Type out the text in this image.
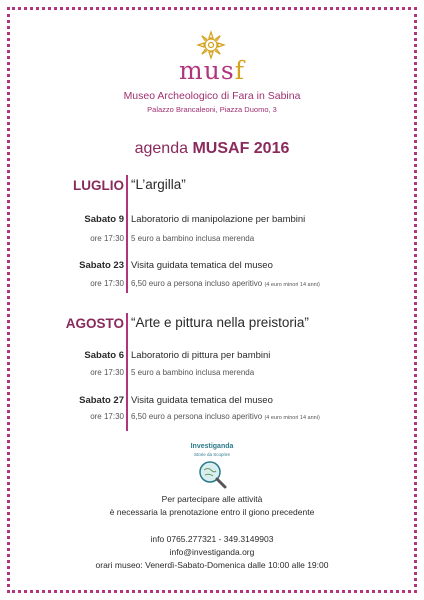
musf
Museo Archeologico di Fara in Sabina
Palazzo Brancaleoni, Piazza Duomo, 3
agenda MUSAF 2016
LUGLIO “L’argilla”
Sabato 9 Laboratorio di manipolazione per bambini
ore 17:30 5 euro a bambino inclusa merenda
Sabato 23 Visita guidata tematica del museo
ore 17:30 6,50 euro a persona incluso aperitivo (4 euro minori 14 anni)
AGOSTO “Arte e pittura nella preistoria”
Sabato 6 Laboratorio di pittura per bambini
ore 17:30 5 euro a bambino inclusa merenda
Sabato 27 Visita guidata tematica del museo
ore 17:30 6,50 euro a persona incluso aperitivo (4 euro minori 14 anni)
Investiganda
Storie da Scoprire
Per partecipare alle attività
è necessaria la prenotazione entro il giono precedente
info 0765.277321 - 349.3149903
info@investiganda.org
orari museo: Venerdì-Sabato-Domenica dalle 10:00 alle 19:00
